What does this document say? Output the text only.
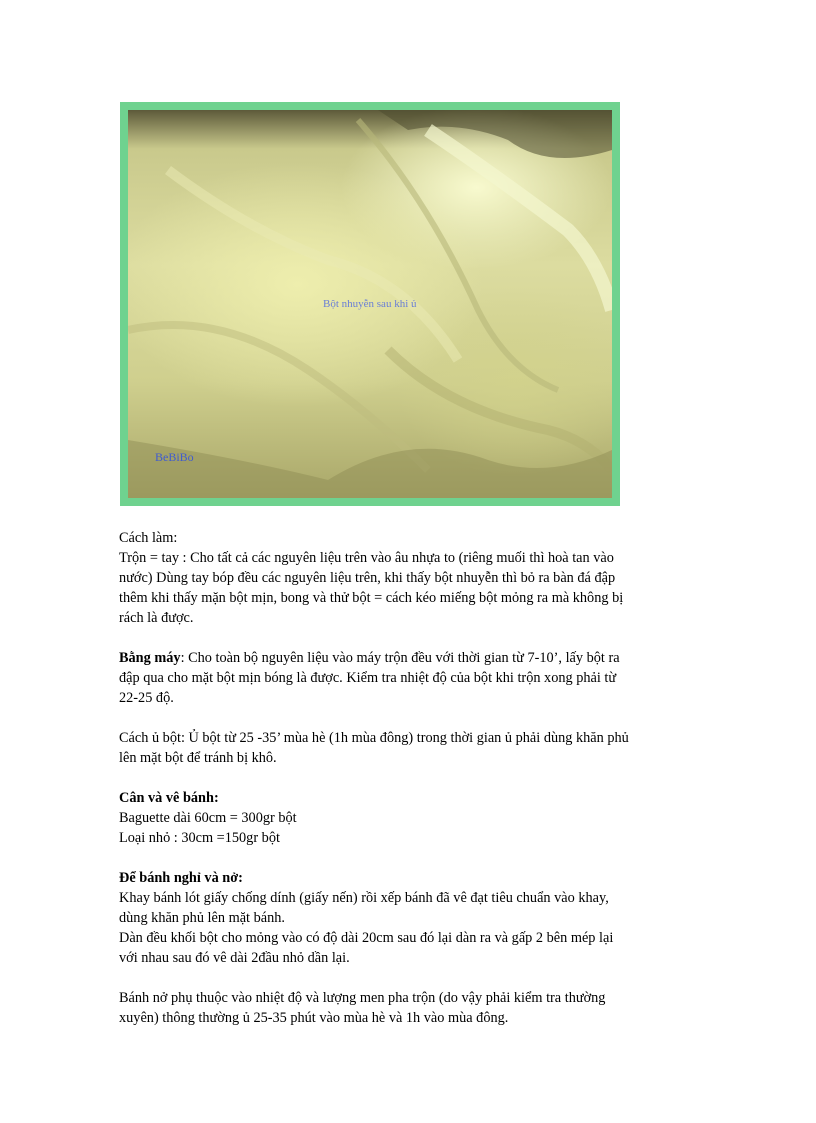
Bột nhuyễn sau khi ủ
BeBiBo

Cách làm:

Trộn = tay : Cho tất cả các nguyên liệu trên vào âu nhựa to (riêng muối thì hoà tan vào

nước) Dùng tay bóp đều các nguyên liệu trên, khi thấy bột nhuyễn thì bỏ ra bàn đá đập

thêm khi thấy mặn bột mịn, bong và thử bột = cách kéo miếng bột mỏng ra mà không bị

rách là được.

Bằng máy: Cho toàn bộ nguyên liệu vào máy trộn đều với thời gian từ 7-10’, lấy bột ra

đập qua cho mặt bột mịn bóng là được. Kiểm tra nhiệt độ của bột khi trộn xong phải từ

22-25 độ.

Cách ủ bột: Ủ bột từ 25 -35’ mùa hè (1h mùa đông) trong thời gian ủ phải dùng khăn phủ

lên mặt bột để tránh bị khô.

Cân và vê bánh:

Baguette dài 60cm = 300gr bột

Loại nhỏ : 30cm =150gr bột

Để bánh nghỉ và nở:

Khay bánh lót giấy chống dính (giấy nến) rồi xếp bánh đã vê đạt tiêu chuẩn vào khay,

dùng khăn phủ lên mặt bánh.

Dàn đều khối bột cho mỏng vào có độ dài 20cm sau đó lại dàn ra và gấp 2 bên mép lại

với nhau sau đó vê dài 2đầu nhỏ dần lại.

Bánh nở phụ thuộc vào nhiệt độ và lượng men pha trộn (do vậy phải kiểm tra thường

xuyên) thông thường ủ 25-35 phút vào mùa hè và 1h vào mùa đông.
